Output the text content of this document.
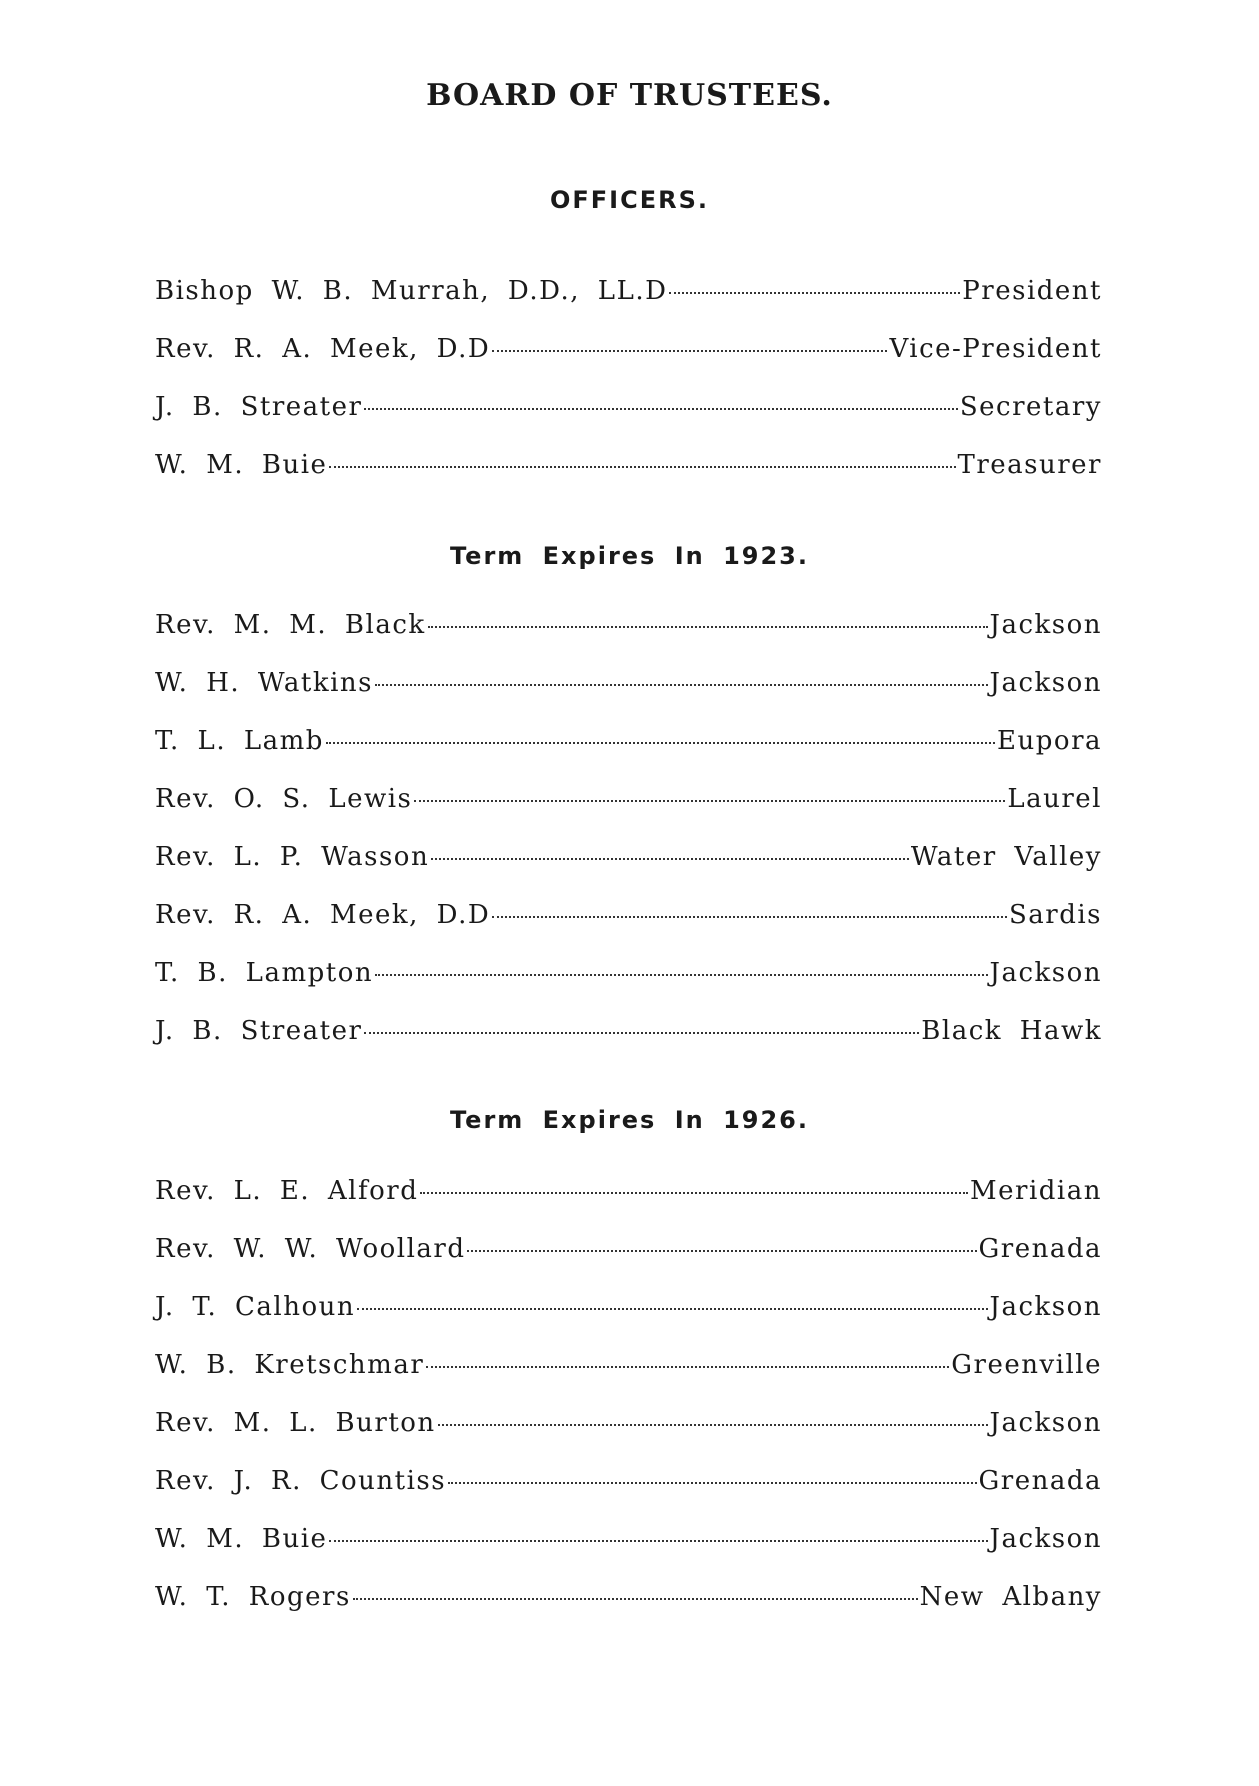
BOARD OF TRUSTEES.
OFFICERS.
Bishop W. B. Murrah, D.D., LL.D	President
Rev. R. A. Meek, D.D	Vice-President
J. B. Streater	Secretary
W. M. Buie	Treasurer
Term Expires In 1923.
Rev. M. M. Black	Jackson
W. H. Watkins	Jackson
T. L. Lamb	Eupora
Rev. O. S. Lewis	Laurel
Rev. L. P. Wasson	Water Valley
Rev. R. A. Meek, D.D	Sardis
T. B. Lampton	Jackson
J. B. Streater	Black Hawk
Term Expires In 1926.
Rev. L. E. Alford	Meridian
Rev. W. W. Woollard	Grenada
J. T. Calhoun	Jackson
W. B. Kretschmar	Greenville
Rev. M. L. Burton	Jackson
Rev. J. R. Countiss	Grenada
W. M. Buie	Jackson
W. T. Rogers	New Albany
